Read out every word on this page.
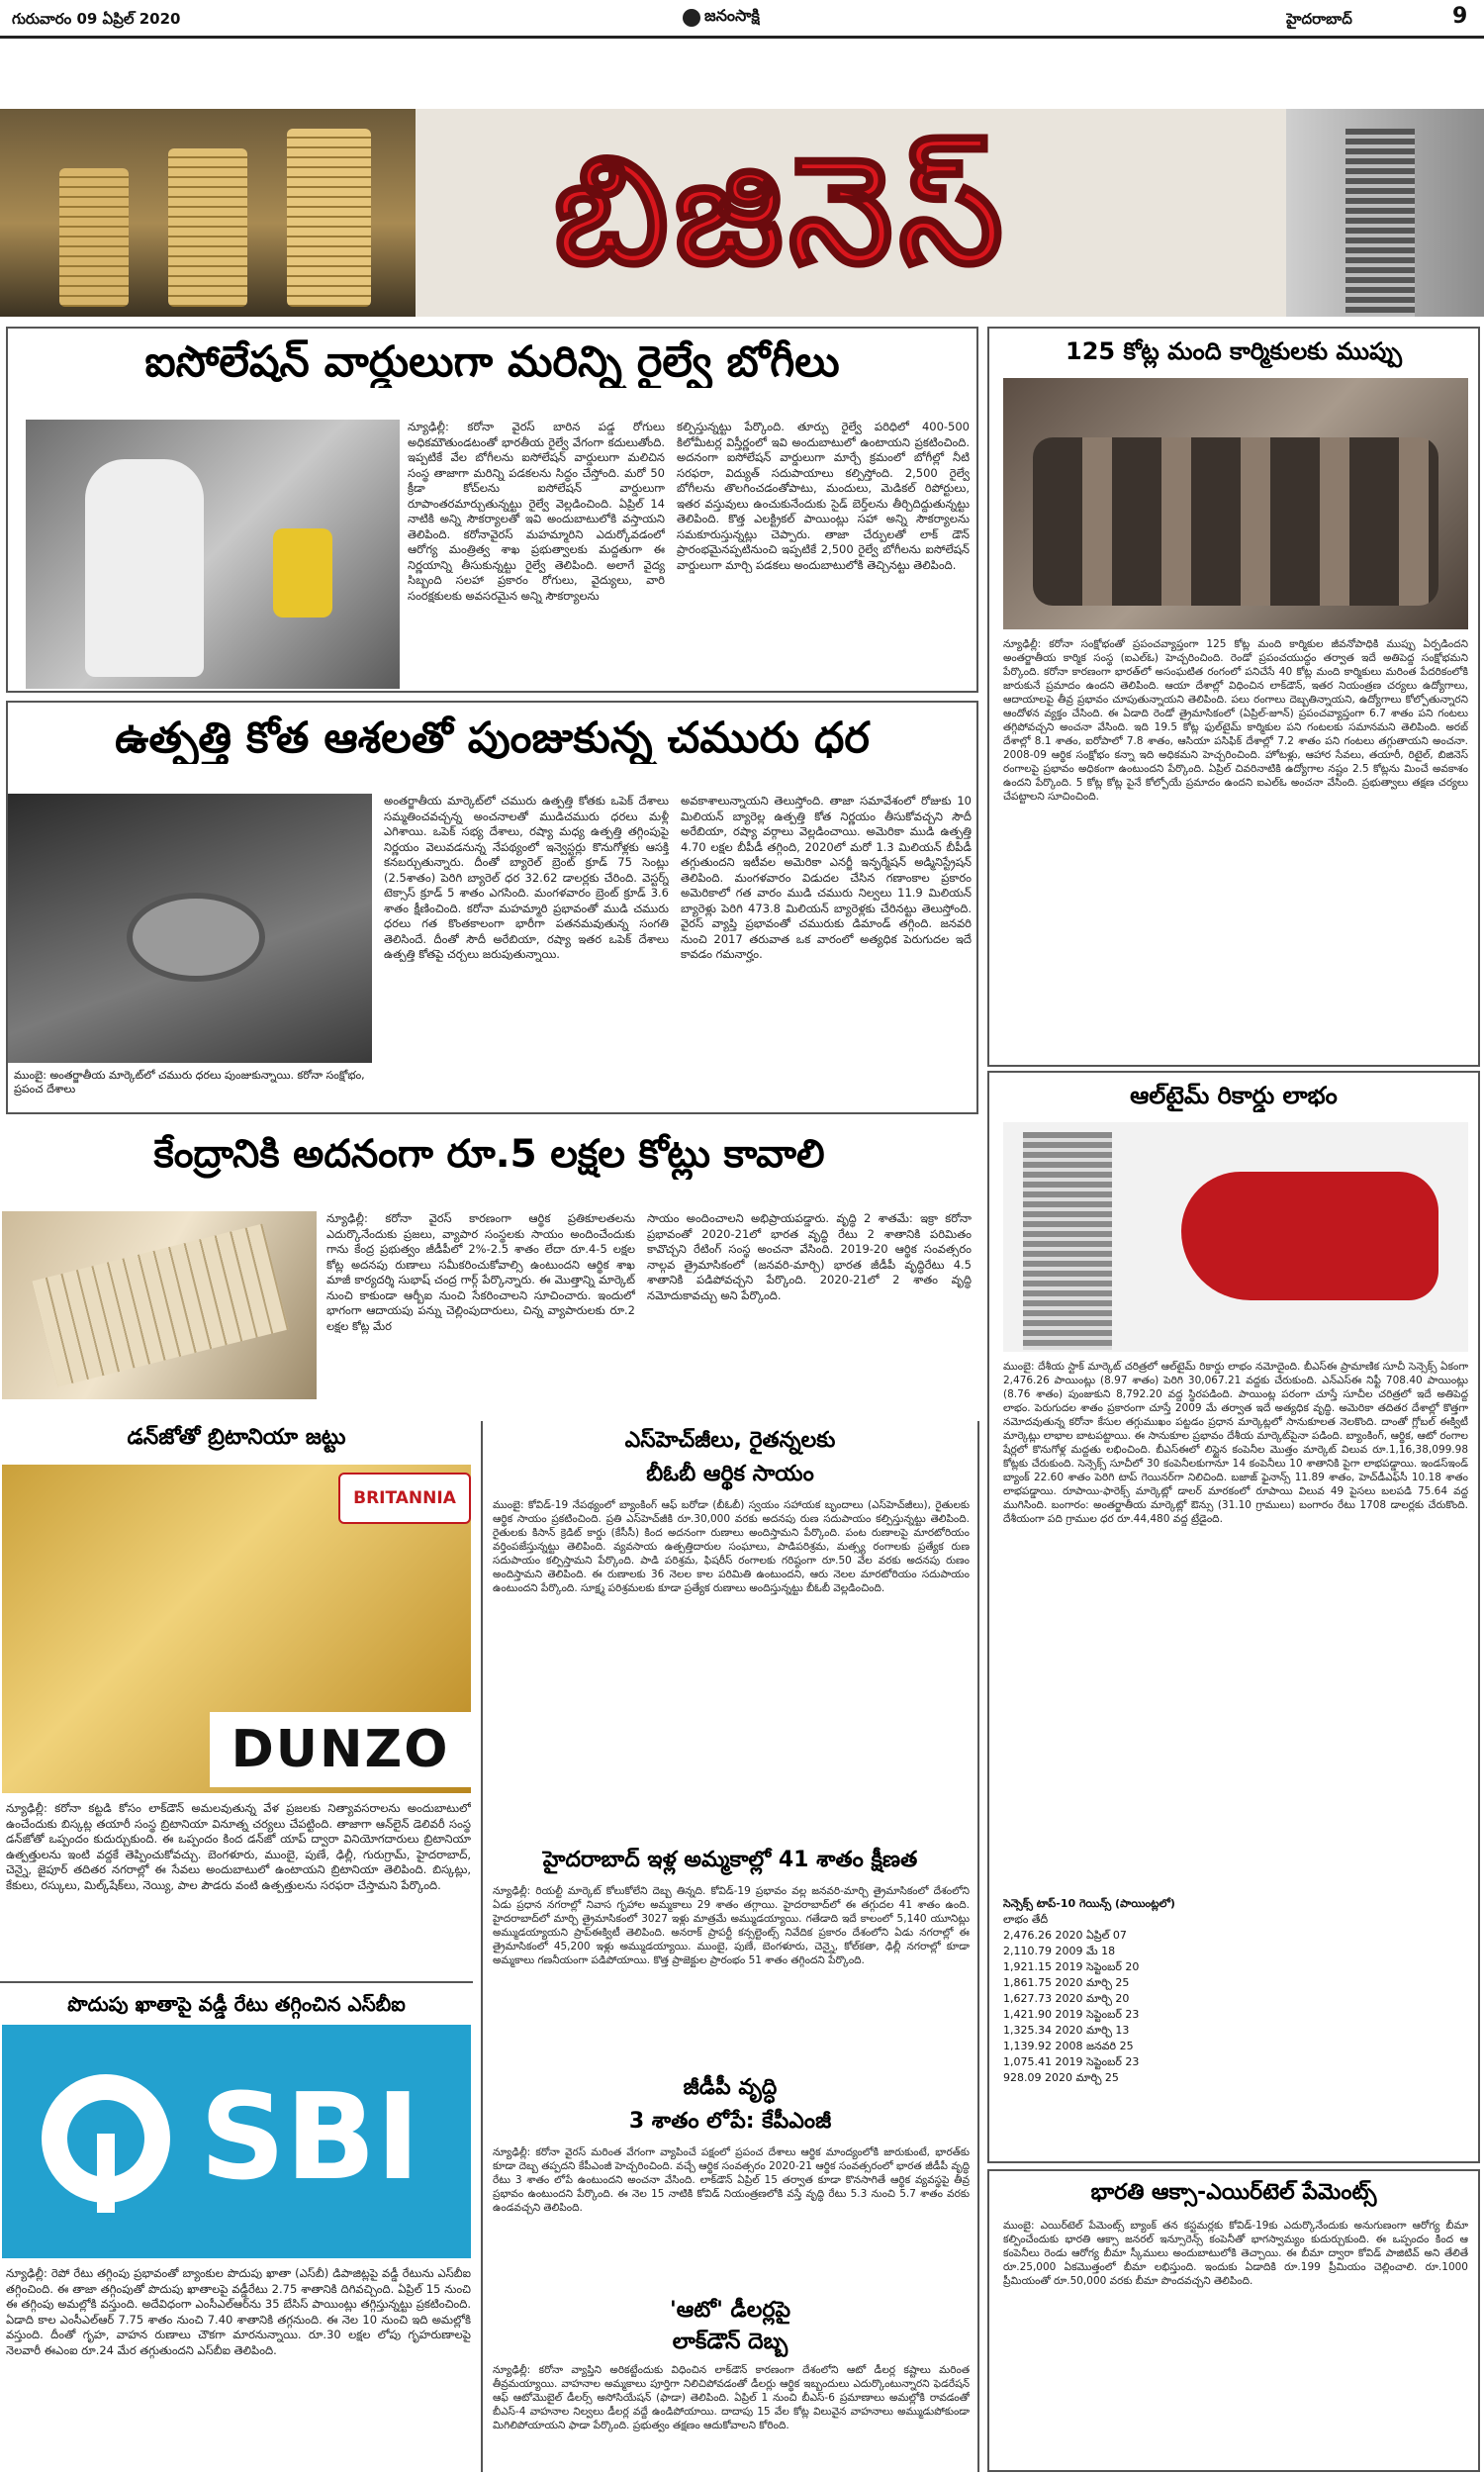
గురువారం 09 ఏప్రిల్ 2020	జనంసాక్షి	హైదరాబాద్	9
బిజినెస్
ఐసోలేషన్ వార్డులుగా మరిన్ని రైల్వే బోగీలు
న్యూఢిల్లీ: కరోనా వైరస్ బారిన పడ్డ రోగులు అధికమౌతుండటంతో భారతీయ రైల్వే వేగంగా కదులుతోంది. ఇప్పటికే వేల బోగీలను ఐసోలేషన్ వార్డులుగా మలిచిన సంస్థ తాజాగా మరిన్ని పడకలను సిద్ధం చేస్తోంది. మరో 50 క్రీడా కోచ్‌లను ఐసోలేషన్ వార్డులుగా రూపాంతరమార్చుతున్నట్టు రైల్వే వెల్లడించింది. ఏప్రిల్ 14 నాటికి అన్ని సౌకర్యాలతో ఇవి అందుబాటులోకి వస్తాయని తెలిపింది. కరోనావైరస్ మహమ్మారిని ఎదుర్కోవడంలో ఆరోగ్య మంత్రిత్వ శాఖ ప్రభుత్వాలకు మద్దతుగా ఈ నిర్ణయాన్ని తీసుకున్నట్టు రైల్వే తెలిపింది. అలాగే వైద్య సిబ్బంది సలహా ప్రకారం రోగులు, వైద్యులు, వారి సంరక్షకులకు అవసరమైన అన్ని సౌకర్యాలను
కల్పిస్తున్నట్టు పేర్కొంది. తూర్పు రైల్వే పరిధిలో 400-500 కిలోమీటర్ల విస్తీర్ణంలో ఇవి అందుబాటులో ఉంటాయని ప్రకటించింది. అదనంగా ఐసోలేషన్ వార్డులుగా మార్చే క్రమంలో బోగీల్లో నీటి సరఫరా, విద్యుత్ సదుపాయాలు కల్పిస్తోంది. 2,500 రైల్వే బోగీలను తొలగించడంతోపాటు, మందులు, మెడికల్ రిపోర్టులు, ఇతర వస్తువులు ఉంచుకునేందుకు సైడ్ బెర్త్‌లను తీర్చిదిద్దుతున్నట్టు తెలిపింది. కొత్త ఎలక్ట్రికల్ పాయింట్లు సహా అన్ని సౌకర్యాలను సమకూరుస్తున్నట్లు చెప్పారు. తాజా చేర్పులతో లాక్ డౌన్ ప్రారంభమైనప్పటినుంచి ఇప్పటికే 2,500 రైల్వే బోగీలను ఐసోలేషన్ వార్డులుగా మార్చి పడకలు అందుబాటులోకి తెచ్చినట్టు తెలిపింది.
ఉత్పత్తి కోత ఆశలతో పుంజుకున్న చమురు ధర
ముంబై: అంతర్జాతీయ మార్కెట్‌లో చమురు ధరలు పుంజుకున్నాయి. కరోనా సంక్షోభం, ప్రపంచ దేశాలు
అంతర్జాతీయ మార్కెట్‌లో చమురు ఉత్పత్తి కోతకు ఒపెక్ దేశాలు సమ్మతించవచ్చన్న అంచనాలతో ముడిచమురు ధరలు మళ్లీ ఎగిశాయి. ఒపెక్ సభ్య దేశాలు, రష్యా మధ్య ఉత్పత్తి తగ్గింపుపై నిర్ణయం వెలువడనున్న నేపథ్యంలో ఇన్వెస్టర్లు కొనుగోళ్లకు ఆసక్తి కనబర్చుతున్నారు. దీంతో బ్యారెల్ బ్రెంట్ క్రూడ్ 75 సెంట్లు (2.5శాతం) పెరిగి బ్యారెల్ ధర 32.62 డాలర్లకు చేరింది. వెస్టర్న్ టెక్సాస్ క్రూడ్ 5 శాతం ఎగసింది. మంగళవారం బ్రెంట్ క్రూడ్ 3.6 శాతం క్షీణించింది. కరోనా మహమ్మారి ప్రభావంతో ముడి చమురు ధరలు గత కొంతకాలంగా భారీగా పతనమవుతున్న సంగతి తెలిసిందే. దీంతో సౌదీ అరేబియా, రష్యా ఇతర ఒపెక్ దేశాలు ఉత్పత్తి కోతపై చర్చలు జరుపుతున్నాయి.
అవకాశాలున్నాయని తెలుస్తోంది. తాజా సమావేశంలో రోజుకు 10 మిలియన్ బ్యారెల్ల ఉత్పత్తి కోత నిర్ణయం తీసుకోవచ్చని సౌదీ అరేబియా, రష్యా వర్గాలు వెల్లడించాయి. అమెరికా ముడి ఉత్పత్తి 4.70 లక్షల బీపీడీ తగ్గింది, 2020లో మరో 1.3 మిలియన్ బీపీడీ తగ్గుతుందని ఇటీవల అమెరికా ఎనర్జీ ఇన్ఫర్మేషన్ అడ్మినిస్ట్రేషన్ తెలిపింది. మంగళవారం విడుదల చేసిన గణాంకాల ప్రకారం అమెరికాలో గత వారం ముడి చమురు నిల్వలు 11.9 మిలియన్ బ్యారెళ్లు పెరిగి 473.8 మిలియన్ బ్యారెళ్లకు చేరినట్టు తెలుస్తోంది. వైరస్ వ్యాప్తి ప్రభావంతో చమురుకు డిమాండ్ తగ్గింది. జనవరి నుంచి 2017 తరువాత ఒక వారంలో అత్యధిక పెరుగుదల ఇదే కావడం గమనార్హం.
కేంద్రానికి అదనంగా రూ.5 లక్షల కోట్లు కావాలి
న్యూఢిల్లీ: కరోనా వైరస్ కారణంగా ఆర్థిక ప్రతికూలతలను ఎదుర్కొనేందుకు ప్రజలు, వ్యాపార సంస్థలకు సాయం అందించేందుకు గాను కేంద్ర ప్రభుత్వం జీడీపీలో 2%-2.5 శాతం లేదా రూ.4-5 లక్షల కోట్ల అదనపు రుణాలు సమీకరించుకోవాల్సి ఉంటుందని ఆర్థిక శాఖ మాజీ కార్యదర్శి సుభాష్ చంద్ర గార్గ్ పేర్కొన్నారు. ఈ మొత్తాన్ని మార్కెట్ నుంచి కాకుండా ఆర్బీఐ నుంచి సేకరించాలని సూచించారు. ఇందులో భాగంగా ఆదాయపు పన్ను చెల్లింపుదారులు, చిన్న వ్యాపారులకు రూ.2 లక్షల కోట్ల మేర
సాయం అందించాలని అభిప్రాయపడ్డారు. వృద్ధి 2 శాతమే: ఇక్రా కరోనా ప్రభావంతో 2020-21లో భారత వృద్ధి రేటు 2 శాతానికి పరిమితం కావొచ్చని రేటింగ్ సంస్థ అంచనా వేసింది. 2019-20 ఆర్థిక సంవత్సరం నాల్గవ త్రైమాసికంలో (జనవరి-మార్చి) భారత జీడీపీ వృద్ధిరేటు 4.5 శాతానికి పడిపోవచ్చని పేర్కొంది. 2020-21లో 2 శాతం వృద్ధి నమోదుకావచ్చు అని పేర్కొంది.
125 కోట్ల మంది కార్మికులకు ముప్పు
న్యూఢిల్లీ: కరోనా సంక్షోభంతో ప్రపంచవ్యాప్తంగా 125 కోట్ల మంది కార్మికుల జీవనోపాధికి ముప్పు ఏర్పడిందని అంతర్జాతీయ కార్మిక సంస్థ (ఐఎల్ఓ) హెచ్చరించింది. రెండో ప్రపంచయుద్ధం తర్వాత ఇదే అతిపెద్ద సంక్షోభమని పేర్కొంది. కరోనా కారణంగా భారత్‌లో అసంఘటిత రంగంలో పనిచేసే 40 కోట్ల మంది కార్మికులు మరింత పేదరికంలోకి జారుకునే ప్రమాదం ఉందని తెలిపింది. ఆయా దేశాల్లో విధించిన లాక్‌డౌన్, ఇతర నియంత్రణ చర్యలు ఉద్యోగాలు, ఆదాయాలపై తీవ్ర ప్రభావం చూపుతున్నాయని తెలిపింది. పలు రంగాలు దెబ్బతిన్నాయని, ఉద్యోగాలు కోల్పోతున్నారని ఆందోళన వ్యక్తం చేసింది. ఈ ఏడాది రెండో త్రైమాసికంలో (ఏప్రిల్-జూన్) ప్రపంచవ్యాప్తంగా 6.7 శాతం పని గంటలు తగ్గిపోవచ్చని అంచనా వేసింది. ఇది 19.5 కోట్ల ఫుల్‌టైమ్ కార్మికుల పని గంటలకు సమానమని తెలిపింది. అరబ్ దేశాల్లో 8.1 శాతం, ఐరోపాలో 7.8 శాతం, ఆసియా పసిఫిక్ దేశాల్లో 7.2 శాతం పని గంటలు తగ్గుతాయని అంచనా. 2008-09 ఆర్థిక సంక్షోభం కన్నా ఇది అధికమని హెచ్చరించింది. హోటళ్లు, ఆహార సేవలు, తయారీ, రిటైల్, బిజినెస్ రంగాలపై ప్రభావం అధికంగా ఉంటుందని పేర్కొంది. ఏప్రిల్ చివరినాటికి ఉద్యోగాల నష్టం 2.5 కోట్లను మించే అవకాశం ఉందని పేర్కొంది. 5 కోట్ల కోట్ల పైనే కోల్పోయే ప్రమాదం ఉందని ఐఎల్ఓ అంచనా వేసింది. ప్రభుత్వాలు తక్షణ చర్యలు చేపట్టాలని సూచించింది.
ఆల్‌టైమ్ రికార్డు లాభం
ముంబై: దేశీయ స్టాక్ మార్కెట్ చరిత్రలో ఆల్‌టైమ్ రికార్డు లాభం నమోదైంది. బీఎస్ఈ ప్రామాణిక సూచీ సెన్సెక్స్ ఏకంగా 2,476.26 పాయింట్లు (8.97 శాతం) పెరిగి 30,067.21 వద్దకు చేరుకుంది. ఎన్ఎస్ఈ నిఫ్టీ 708.40 పాయింట్లు (8.76 శాతం) పుంజుకుని 8,792.20 వద్ద స్థిరపడింది. పాయింట్ల పరంగా చూస్తే సూచీల చరిత్రలో ఇదే అతిపెద్ద లాభం. పెరుగుదల శాతం ప్రకారంగా చూస్తే 2009 మే తర్వాత ఇదే అత్యధిక వృద్ధి. అమెరికా తదితర దేశాల్లో కొత్తగా నమోదవుతున్న కరోనా కేసుల తగ్గుముఖం పట్టడం ప్రధాన మార్కెట్లలో సానుకూలత నెలకొంది. దాంతో గ్లోబల్ ఈక్విటీ మార్కెట్లు లాభాల బాటపట్టాయి. ఈ సానుకూల ప్రభావం దేశీయ మార్కెట్‌పైనా పడింది. బ్యాంకింగ్, ఆర్థిక, ఆటో రంగాల షేర్లలో కొనుగోళ్ల మద్దతు లభించింది. బీఎస్ఈలో లిస్టైన కంపెనీల మొత్తం మార్కెట్ విలువ రూ.1,16,38,099.98 కోట్లకు చేరుకుంది. సెన్సెక్స్ సూచీలో 30 కంపెనీలకుగానూ 14 కంపెనీలు 10 శాతానికి పైగా లాభపడ్డాయి. ఇండస్ఇండ్ బ్యాంక్ 22.60 శాతం పెరిగి టాప్ గెయినర్‌గా నిలిచింది. బజాజ్ ఫైనాన్స్ 11.89 శాతం, హెచ్‌డీఎఫ్‌సీ 10.18 శాతం లాభపడ్డాయి. రూపాయి-ఫారెక్స్ మార్కెట్లో డాలర్ మారకంలో రూపాయి విలువ 49 పైసలు బలపడి 75.64 వద్ద ముగిసింది. బంగారం: అంతర్జాతీయ మార్కెట్లో ఔన్సు (31.10 గ్రాములు) బంగారం రేటు 1708 డాలర్లకు చేరుకొంది. దేశీయంగా పది గ్రాముల ధర రూ.44,480 వద్ద ట్రేడైంది.
సెన్సెక్స్ టాప్-10 గెయిన్స్ (పాయింట్లలో)
లాభం తేదీ
2,476.26 2020 ఏప్రిల్ 07
2,110.79 2009 మే 18
1,921.15 2019 సెప్టెంబర్ 20
1,861.75 2020 మార్చి 25
1,627.73 2020 మార్చి 20
1,421.90 2019 సెప్టెంబర్ 23
1,325.34 2020 మార్చి 13
1,139.92 2008 జనవరి 25
1,075.41 2019 సెప్టెంబర్ 23
928.09 2020 మార్చి 25
డన్‌జోతో బ్రిటానియా జట్టు
BRITANNIA
DUNZO
న్యూఢిల్లీ: కరోనా కట్టడి కోసం లాక్‌డౌన్ అమలవుతున్న వేళ ప్రజలకు నిత్యావసరాలను అందుబాటులో ఉంచేందుకు బిస్కట్ల తయారీ సంస్థ బ్రిటానియా వినూత్న చర్యలు చేపట్టింది. తాజాగా ఆన్‌లైన్ డెలివరీ సంస్థ డన్‌జోతో ఒప్పందం కుదుర్చుకుంది. ఈ ఒప్పందం కింద డన్‌జో యాప్ ద్వారా వినియోగదారులు బ్రిటానియా ఉత్పత్తులను ఇంటి వద్దకే తెప్పించుకోవచ్చు. బెంగళూరు, ముంబై, పుణే, ఢిల్లీ, గురుగ్రామ్, హైదరాబాద్, చెన్నై, జైపూర్ తదితర నగరాల్లో ఈ సేవలు అందుబాటులో ఉంటాయని బ్రిటానియా తెలిపింది. బిస్కట్లు, కేకులు, రస్కులు, మిల్క్‌షేక్‌లు, నెయ్యి, పాల పౌడరు వంటి ఉత్పత్తులను సరఫరా చేస్తామని పేర్కొంది.
పొదుపు ఖాతాపై వడ్డీ రేటు తగ్గించిన ఎస్‌బీఐ
SBI
న్యూఢిల్లీ: రెపో రేటు తగ్గింపు ప్రభావంతో బ్యాంకుల పొదుపు ఖాతా (ఎస్‌బీ) డిపాజిట్లపై వడ్డీ రేటును ఎస్‌బీఐ తగ్గించింది. ఈ తాజా తగ్గింపుతో పొదుపు ఖాతాలపై వడ్డీరేటు 2.75 శాతానికి దిగివచ్చింది. ఏప్రిల్ 15 నుంచి ఈ తగ్గింపు అమల్లోకి వస్తుంది. అదేవిధంగా ఎంసీఎల్ఆర్‌ను 35 బేసిస్ పాయింట్లు తగ్గిస్తున్నట్టు ప్రకటించింది. ఏడాది కాల ఎంసీఎల్ఆర్ 7.75 శాతం నుంచి 7.40 శాతానికి తగ్గనుంది. ఈ నెల 10 నుంచి ఇది అమల్లోకి వస్తుంది. దీంతో గృహ, వాహన రుణాలు చౌకగా మారనున్నాయి. రూ.30 లక్షల లోపు గృహరుణాలపై నెలవారీ ఈఎంఐ రూ.24 మేర తగ్గుతుందని ఎస్‌బీఐ తెలిపింది.
ఎస్‌హెచ్‌జీలు, రైతన్నలకు
బీఓబీ ఆర్థిక సాయం
ముంబై: కోవిడ్-19 నేపథ్యంలో బ్యాంకింగ్ ఆఫ్ బరోడా (బీఓబీ) స్వయం సహాయక బృందాలు (ఎస్‌హెచ్‌జీలు), రైతులకు ఆర్థిక సాయం ప్రకటించింది. ప్రతి ఎస్‌హెచ్‌జీకి రూ.30,000 వరకు అదనపు రుణ సదుపాయం కల్పిస్తున్నట్టు తెలిపింది. రైతులకు కిసాన్ క్రెడిట్ కార్డు (కేసీసీ) కింద అదనంగా రుణాలు అందిస్తామని పేర్కొంది. పంట రుణాలపై మారటోరియం వర్తింపజేస్తున్నట్టు తెలిపింది. వ్యవసాయ ఉత్పత్తిదారుల సంఘాలు, పాడిపరిశ్రమ, మత్స్య రంగాలకు ప్రత్యేక రుణ సదుపాయం కల్పిస్తామని పేర్కొంది. పాడి పరిశ్రమ, ఫిషరీస్ రంగాలకు గరిష్ఠంగా రూ.50 వేల వరకు అదనపు రుణం అందిస్తామని తెలిపింది. ఈ రుణాలకు 36 నెలల కాల పరిమితి ఉంటుందని, ఆరు నెలల మారటోరియం సదుపాయం ఉంటుందని పేర్కొంది. సూక్ష్మ పరిశ్రమలకు కూడా ప్రత్యేక రుణాలు అందిస్తున్నట్టు బీఓబీ వెల్లడించింది.
హైదరాబాద్ ఇళ్ల అమ్మకాల్లో 41 శాతం క్షీణత
న్యూఢిల్లీ: రియల్టీ మార్కెట్ కోలుకోలేని దెబ్బ తిన్నది. కోవిడ్-19 ప్రభావం వల్ల జనవరి-మార్చి త్రైమాసికంలో దేశంలోని ఏడు ప్రధాన నగరాల్లో నివాస గృహాల అమ్మకాలు 29 శాతం తగ్గాయి. హైదరాబాద్‌లో ఈ తగ్గుదల 41 శాతం ఉంది. హైదరాబాద్‌లో మార్చి త్రైమాసికంలో 3027 ఇళ్లు మాత్రమే అమ్ముడయ్యాయి. గతేడాది ఇదే కాలంలో 5,140 యూనిట్లు అమ్ముడయ్యాయని ప్రాప్‌ఈక్విటీ తెలిపింది. అనరాక్ ప్రాపర్టీ కన్సల్టెంట్స్ నివేదిక ప్రకారం దేశంలోని ఏడు నగరాల్లో ఈ త్రైమాసికంలో 45,200 ఇళ్లు అమ్ముడయ్యాయి. ముంబై, పుణే, బెంగళూరు, చెన్నై, కోల్‌కతా, ఢిల్లీ నగరాల్లో కూడా అమ్మకాలు గణనీయంగా పడిపోయాయి. కొత్త ప్రాజెక్టుల ప్రారంభం 51 శాతం తగ్గిందని పేర్కొంది.
జీడీపీ వృద్ధి
3 శాతం లోపే: కేపీఎంజీ
న్యూఢిల్లీ: కరోనా వైరస్ మరింత వేగంగా వ్యాపించే పక్షంలో ప్రపంచ దేశాలు ఆర్థిక మాంద్యంలోకి జారుకుంటే, భారత్‌కు కూడా దెబ్బ తప్పదని కేపీఎంజీ హెచ్చరించింది. వచ్చే ఆర్థిక సంవత్సరం 2020-21 ఆర్థిక సంవత్సరంలో భారత జీడీపీ వృద్ధి రేటు 3 శాతం లోపే ఉంటుందని అంచనా వేసింది. లాక్‌డౌన్ ఏప్రిల్ 15 తర్వాత కూడా కొనసాగితే ఆర్థిక వ్యవస్థపై తీవ్ర ప్రభావం ఉంటుందని పేర్కొంది. ఈ నెల 15 నాటికి కోవిడ్ నియంత్రణలోకి వస్తే వృద్ధి రేటు 5.3 నుంచి 5.7 శాతం వరకు ఉండవచ్చని తెలిపింది.
'ఆటో' డీలర్లపై
లాక్‌డౌన్ దెబ్బ
న్యూఢిల్లీ: కరోనా వ్యాప్తిని అరికట్టేందుకు విధించిన లాక్‌డౌన్ కారణంగా దేశంలోని ఆటో డీలర్ల కష్టాలు మరింత తీవ్రమయ్యాయి. వాహనాల అమ్మకాలు పూర్తిగా నిలిచిపోవడంతో డీలర్లు ఆర్థిక ఇబ్బందులు ఎదుర్కొంటున్నారని ఫెడరేషన్ ఆఫ్ ఆటోమొబైల్ డీలర్స్ అసోసియేషన్ (ఫాడా) తెలిపింది. ఏప్రిల్ 1 నుంచి బీఎస్-6 ప్రమాణాలు అమల్లోకి రావడంతో బీఎస్-4 వాహనాల నిల్వలు డీలర్ల వద్దే ఉండిపోయాయి. దాదాపు 15 వేల కోట్ల విలువైన వాహనాలు అమ్ముడుపోకుండా మిగిలిపోయాయని ఫాడా పేర్కొంది. ప్రభుత్వం తక్షణం ఆదుకోవాలని కోరింది.
భారతి ఆక్సా-ఎయిర్‌టెల్ పేమెంట్స్
ముంబై: ఎయిర్‌టెల్ పేమెంట్స్ బ్యాంక్ తన కస్టమర్లకు కోవిడ్-19కు ఎదుర్కొనేందుకు అనుగుణంగా ఆరోగ్య బీమా కల్పించేందుకు భారతి ఆక్సా జనరల్ ఇన్సూరెన్స్ కంపెనీతో భాగస్వామ్యం కుదుర్చుకుంది. ఈ ఒప్పందం కింద ఆ కంపెనీలు రెండు ఆరోగ్య బీమా స్కీములు అందుబాటులోకి తెచ్చాయి. ఈ బీమా ద్వారా కోవిడ్ పాజిటివ్ అని తేలితే రూ.25,000 ఏకమొత్తంలో బీమా లభిస్తుంది. ఇందుకు ఏడాదికి రూ.199 ప్రీమియం చెల్లించాలి. రూ.1000 ప్రీమియంతో రూ.50,000 వరకు బీమా పొందవచ్చని తెలిపింది.
